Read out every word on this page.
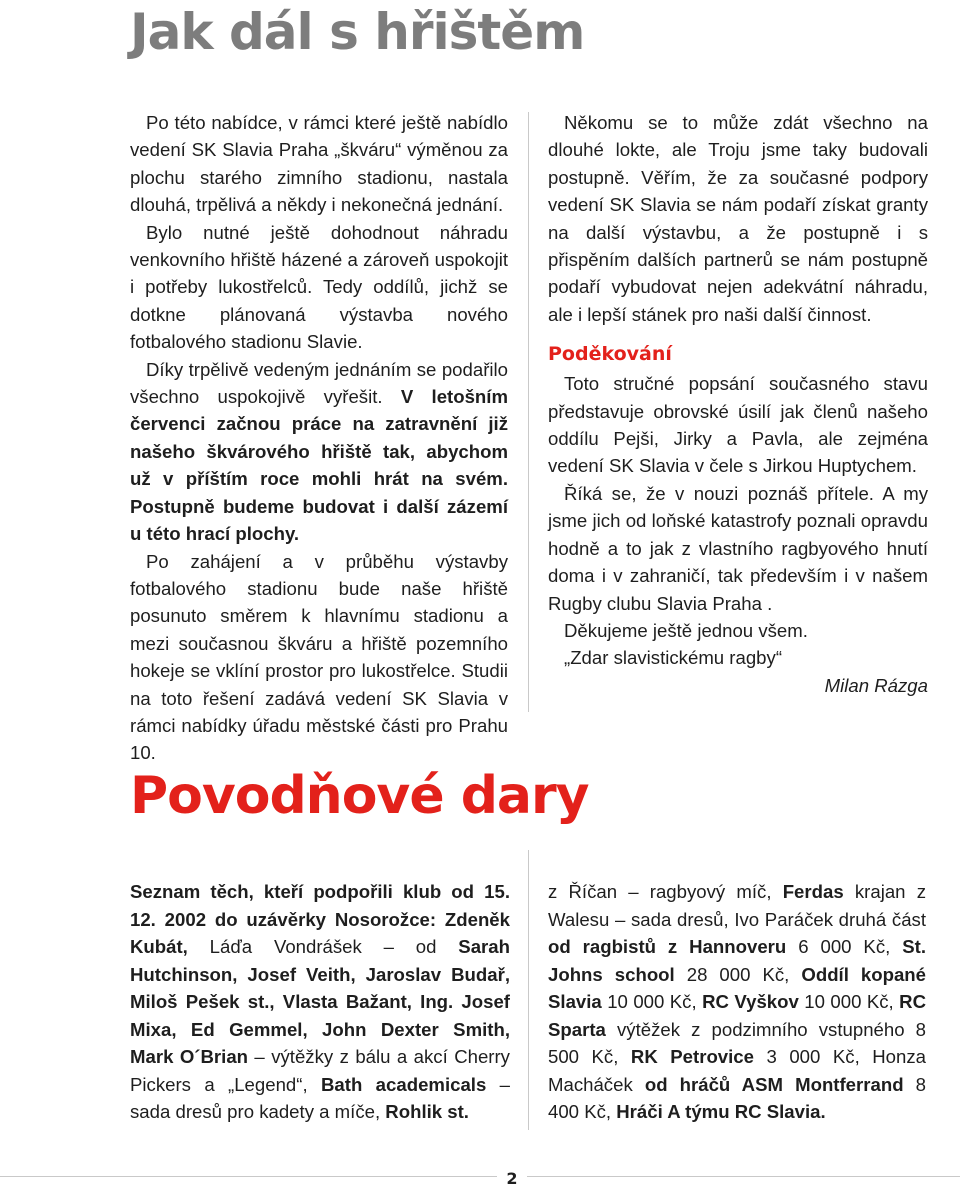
Jak dál s hřištěm

Po této nabídce, v rámci které ještě nabídlo vedení SK Slavia Praha „škváru“ výměnou za plochu starého zimního stadionu, nastala dlouhá, trpělivá a někdy i nekonečná jednání.

Bylo nutné ještě dohodnout náhradu venkovního hřiště házené a zároveň uspokojit i potřeby lukostřelců. Tedy oddílů, jichž se dotkne plánovaná výstavba nového fotbalového stadionu Slavie.

Díky trpělivě vedeným jednáním se podařilo všechno uspokojivě vyřešit. V letošním červenci začnou práce na zatravnění již našeho škvárového hřiště tak, abychom už v příštím roce mohli hrát na svém. Postupně budeme budovat i další zázemí u této hrací plochy.

Po zahájení a v průběhu výstavby fotbalového stadionu bude naše hřiště posunuto směrem k hlavnímu stadionu a mezi současnou škváru a hřiště pozemního hokeje se vklíní prostor pro lukostřelce. Studii na toto řešení zadává vedení SK Slavia v rámci nabídky úřadu městské části pro Prahu 10.

Někomu se to může zdát všechno na dlouhé lokte, ale Troju jsme taky budovali postupně. Věřím, že za současné podpory vedení SK Slavia se nám podaří získat granty na další výstavbu, a že postupně i s přispěním dalších partnerů se nám postupně podaří vybudovat nejen adekvátní náhradu, ale i lepší stánek pro naši další činnost.

Poděkování

Toto stručné popsání současného stavu představuje obrovské úsilí jak členů našeho oddílu Pejši, Jirky a Pavla, ale zejména vedení SK Slavia v čele s Jirkou Huptychem.

Říká se, že v nouzi poznáš přítele. A my jsme jich od loňské katastrofy poznali opravdu hodně a to jak z vlastního ragbyového hnutí doma i v zahraničí, tak především i v našem Rugby clubu Slavia Praha .

Děkujeme ještě jednou všem.

„Zdar slavistickému ragby“

Milan Rázga

Povodňové dary

Seznam těch, kteří podpořili klub od 15. 12. 2002 do uzávěrky Nosorožce: Zdeněk Kubát, Láďa Vondrášek – od Sarah Hutchinson, Josef Veith, Jaroslav Budař, Miloš Pešek st., Vlasta Bažant, Ing. Josef Mixa, Ed Gemmel, John Dexter Smith, Mark O´Brian – výtěžky z bálu a akcí Cherry Pickers a „Legend“, Bath academicals – sada dresů pro kadety a míče, Rohlik st.

z Říčan – ragbyový míč, Ferdas krajan z Walesu – sada dresů, Ivo Paráček druhá část od ragbistů z Hannoveru 6 000 Kč, St. Johns school 28 000 Kč, Oddíl kopané Slavia 10 000 Kč, RC Vyškov 10 000 Kč, RC Sparta výtěžek z podzimního vstupného 8 500 Kč, RK Petrovice 3 000 Kč, Honza Macháček od hráčů ASM Montferrand 8 400 Kč, Hráči A týmu RC Slavia.

2
